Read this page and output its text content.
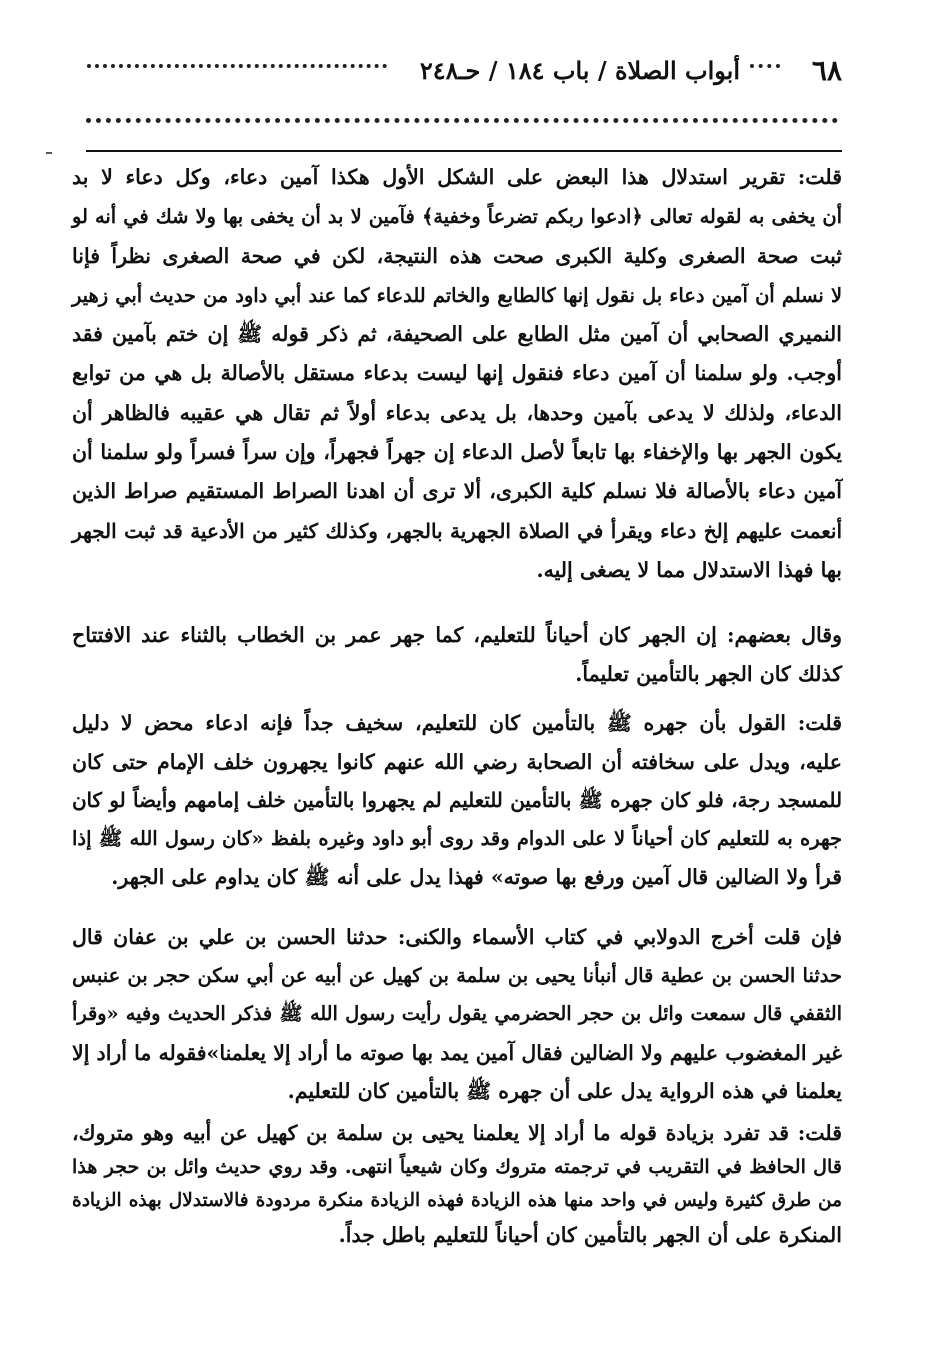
٦٨
أبواب الصلاة / باب ١٨٤ / حـ٢٤٨
قلت: تقرير استدلال هذا البعض على الشكل الأول هكذا آمين دعاء، وكل دعاء لا بد
أن يخفى به لقوله تعالى ﴿ادعوا ربكم تضرعاً وخفية﴾ فآمين لا بد أن يخفى بها ولا شك في أنه لو
ثبت صحة الصغرى وكلية الكبرى صحت هذه النتيجة، لكن في صحة الصغرى نظراً فإنا
لا نسلم أن آمين دعاء بل نقول إنها كالطابع والخاتم للدعاء كما عند أبي داود من حديث أبي زهير
النميري الصحابي أن آمين مثل الطابع على الصحيفة، ثم ذكر قوله ﷺ إن ختم بآمين فقد
أوجب. ولو سلمنا أن آمين دعاء فنقول إنها ليست بدعاء مستقل بالأصالة بل هي من توابع
الدعاء، ولذلك لا يدعى بآمين وحدها، بل يدعى بدعاء أولاً ثم تقال هي عقيبه فالظاهر أن
يكون الجهر بها والإخفاء بها تابعاً لأصل الدعاء إن جهراً فجهراً، وإن سراً فسراً ولو سلمنا أن
آمين دعاء بالأصالة فلا نسلم كلية الكبرى، ألا ترى أن اهدنا الصراط المستقيم صراط الذين
أنعمت عليهم إلخ دعاء ويقرأ في الصلاة الجهرية بالجهر، وكذلك كثير من الأدعية قد ثبت الجهر
بها فهذا الاستدلال مما لا يصغى إليه.
وقال بعضهم: إن الجهر كان أحياناً للتعليم، كما جهر عمر بن الخطاب بالثناء عند الافتتاح
كذلك كان الجهر بالتأمين تعليماً.
قلت: القول بأن جهره ﷺ بالتأمين كان للتعليم، سخيف جداً فإنه ادعاء محض لا دليل
عليه، ويدل على سخافته أن الصحابة رضي الله عنهم كانوا يجهرون خلف الإمام حتى كان
للمسجد رجة، فلو كان جهره ﷺ بالتأمين للتعليم لم يجهروا بالتأمين خلف إمامهم وأيضاً لو كان
جهره به للتعليم كان أحياناً لا على الدوام وقد روى أبو داود وغيره بلفظ «كان رسول الله ﷺ إذا
قرأ ولا الضالين قال آمين ورفع بها صوته» فهذا يدل على أنه ﷺ كان يداوم على الجهر.
فإن قلت أخرج الدولابي في كتاب الأسماء والكنى: حدثنا الحسن بن علي بن عفان قال
حدثنا الحسن بن عطية قال أنبأنا يحيى بن سلمة بن كهيل عن أبيه عن أبي سكن حجر بن عنبس
الثقفي قال سمعت وائل بن حجر الحضرمي يقول رأيت رسول الله ﷺ فذكر الحديث وفيه «وقرأ
غير المغضوب عليهم ولا الضالين فقال آمين يمد بها صوته ما أراد إلا يعلمنا»فقوله ما أراد إلا
يعلمنا في هذه الرواية يدل على أن جهره ﷺ بالتأمين كان للتعليم.
قلت: قد تفرد بزيادة قوله ما أراد إلا يعلمنا يحيى بن سلمة بن كهيل عن أبيه وهو متروك،
قال الحافظ في التقريب في ترجمته متروك وكان شيعياً انتهى. وقد روي حديث وائل بن حجر هذا
من طرق كثيرة وليس في واحد منها هذه الزيادة فهذه الزيادة منكرة مردودة فالاستدلال بهذه الزيادة
المنكرة على أن الجهر بالتأمين كان أحياناً للتعليم باطل جداً.
